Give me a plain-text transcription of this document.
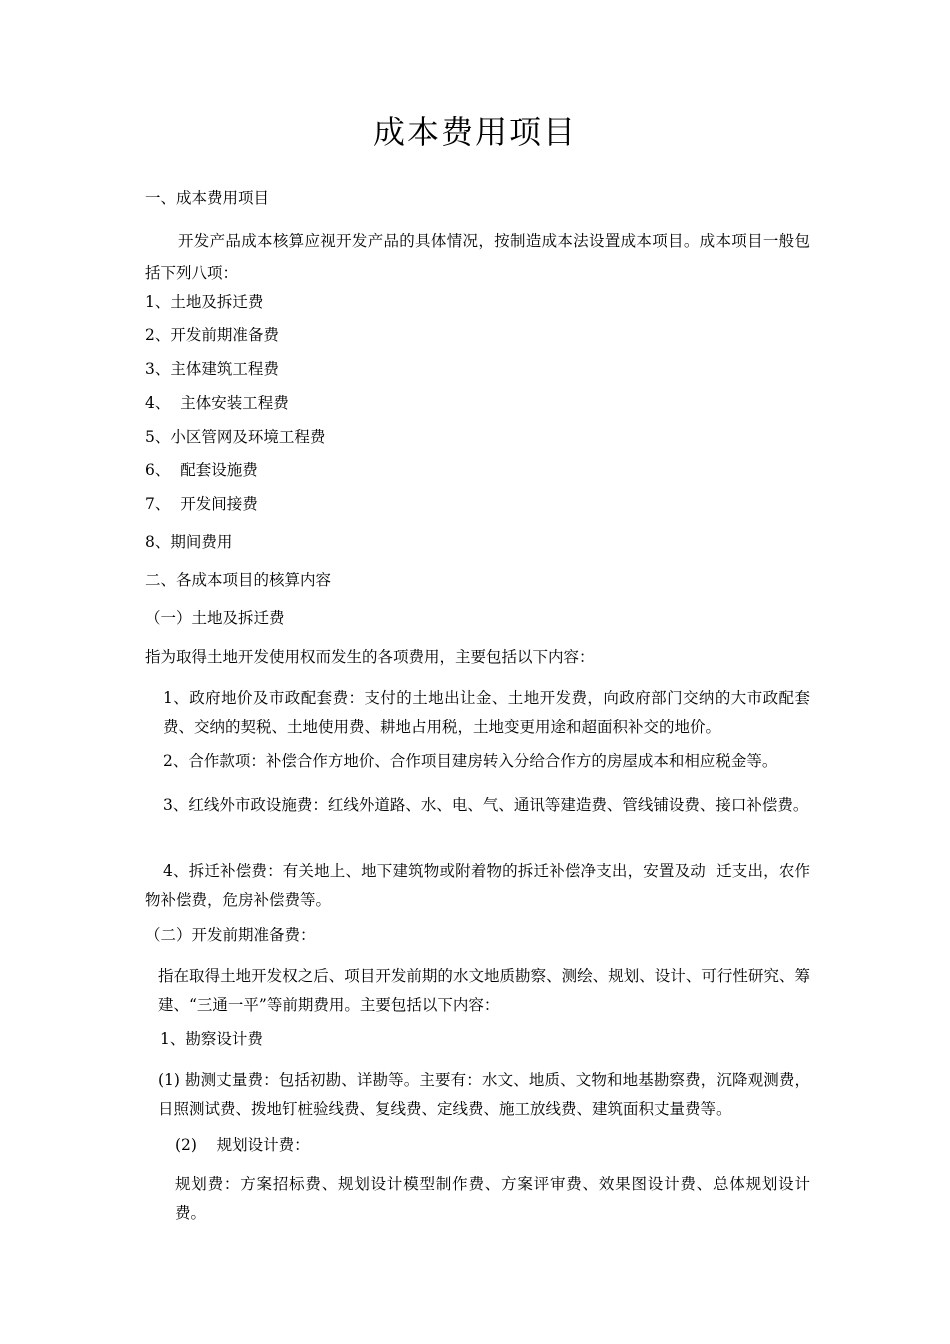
成本费用项目
一、成本费用项目
开发产品成本核算应视开发产品的具体情况，按制造成本法设置成本项目。成本项目一般包括下列八项：
1、土地及拆迁费
2、开发前期准备费
3、主体建筑工程费
4、  主体安装工程费
5、小区管网及环境工程费
6、  配套设施费
7、  开发间接费
8、期间费用
二、各成本项目的核算内容
（一）土地及拆迁费
指为取得土地开发使用权而发生的各项费用，主要包括以下内容：
1、政府地价及市政配套费：支付的土地出让金、土地开发费，向政府部门交纳的大市政配套费、交纳的契税、土地使用费、耕地占用税，土地变更用途和超面积补交的地价。
2、合作款项：补偿合作方地价、合作项目建房转入分给合作方的房屋成本和相应税金等。
3、红线外市政设施费：红线外道路、水、电、气、通讯等建造费、管线铺设费、接口补偿费。
4、拆迁补偿费：有关地上、地下建筑物或附着物的拆迁补偿净支出，安置及动  迁支出，农作物补偿费，危房补偿费等。
（二）开发前期准备费：
指在取得土地开发权之后、项目开发前期的水文地质勘察、测绘、规划、设计、可行性研究、筹建、“三通一平”等前期费用。主要包括以下内容：
1、勘察设计费
(1) 勘测丈量费：包括初勘、详勘等。主要有：水文、地质、文物和地基勘察费，沉降观测费，日照测试费、拨地钉桩验线费、复线费、定线费、施工放线费、建筑面积丈量费等。
(2)    规划设计费：
规划费：方案招标费、规划设计模型制作费、方案评审费、效果图设计费、总体规划设计费。
